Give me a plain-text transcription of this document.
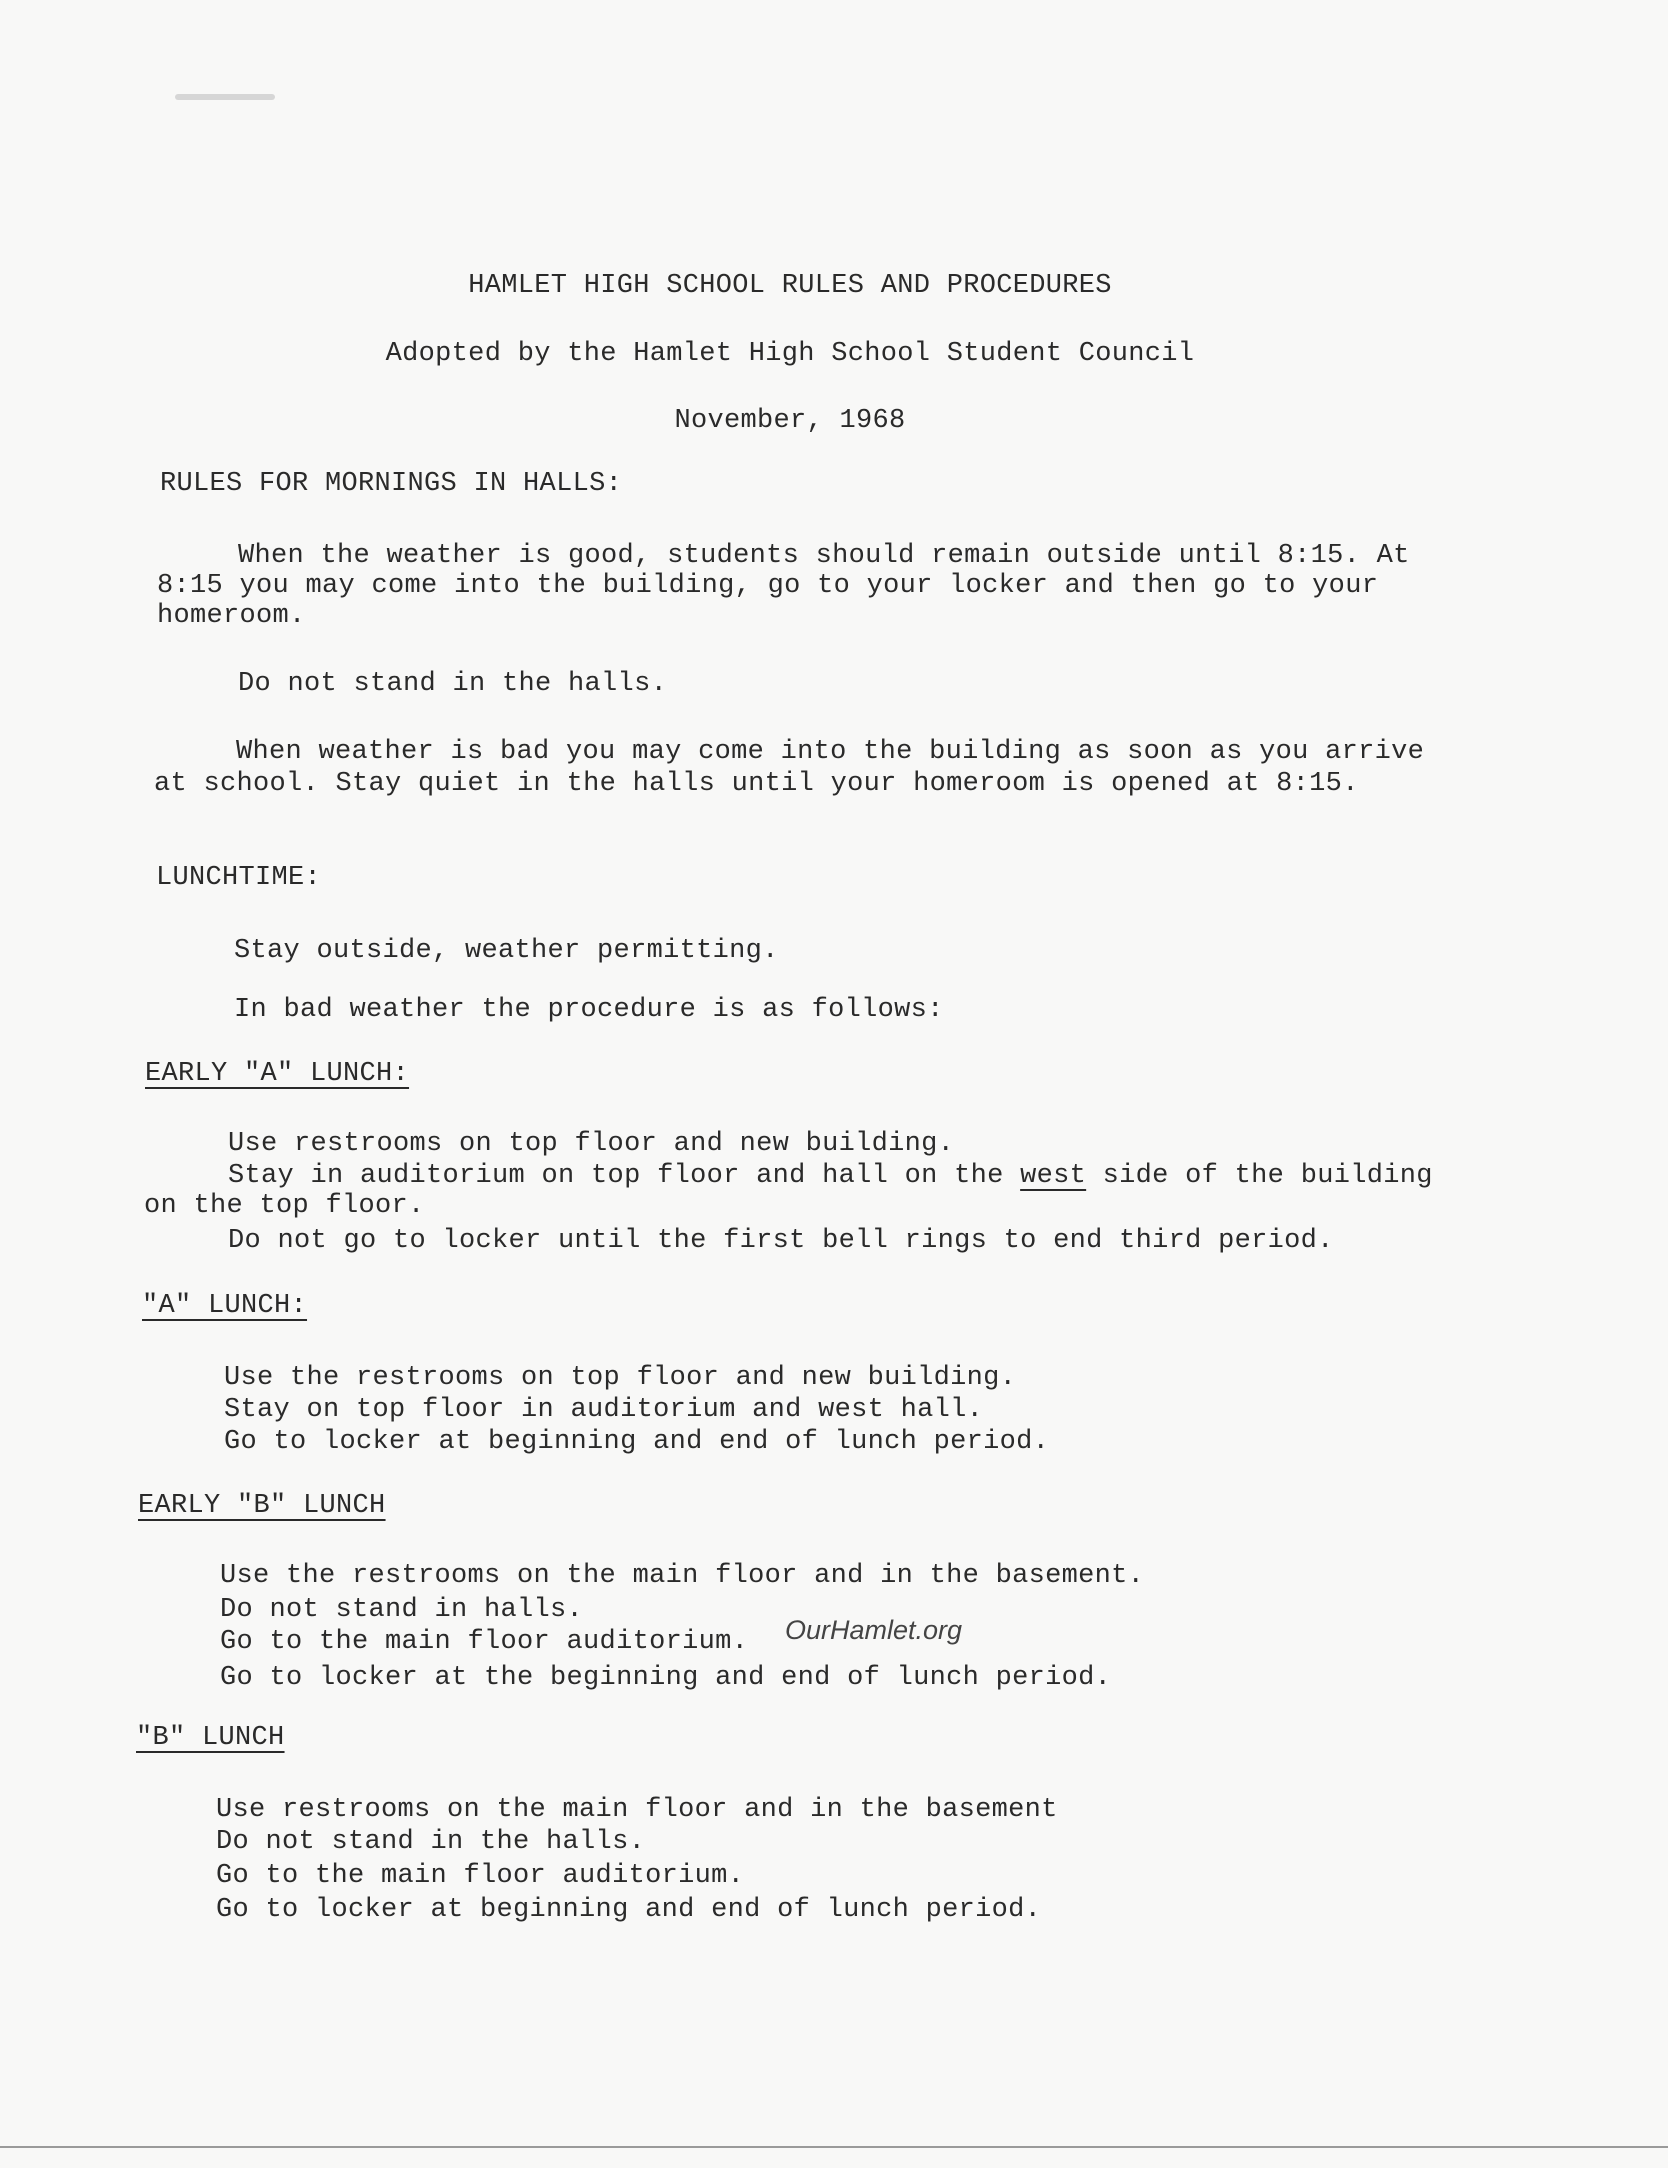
HAMLET HIGH SCHOOL RULES AND PROCEDURES
Adopted by the Hamlet High School Student Council
November, 1968
RULES FOR MORNINGS IN HALLS:
When the weather is good, students should remain outside until 8:15. At
8:15 you may come into the building, go to your locker and then go to your
homeroom.
Do not stand in the halls.
When weather is bad you may come into the building as soon as you arrive
at school. Stay quiet in the halls until your homeroom is opened at 8:15.
LUNCHTIME:
Stay outside, weather permitting.
In bad weather the procedure is as follows:
EARLY "A" LUNCH:
Use restrooms on top floor and new building.
Stay in auditorium on top floor and hall on the west side of the building
on the top floor.
Do not go to locker until the first bell rings to end third period.
"A" LUNCH:
Use the restrooms on top floor and new building.
Stay on top floor in auditorium and west hall.
Go to locker at beginning and end of lunch period.
EARLY "B" LUNCH
Use the restrooms on the main floor and in the basement.
Do not stand in halls.
Go to the main floor auditorium.
Go to locker at the beginning and end of lunch period.
"B" LUNCH
Use restrooms on the main floor and in the basement
Do not stand in the halls.
Go to the main floor auditorium.
Go to locker at beginning and end of lunch period.
OurHamlet.org
